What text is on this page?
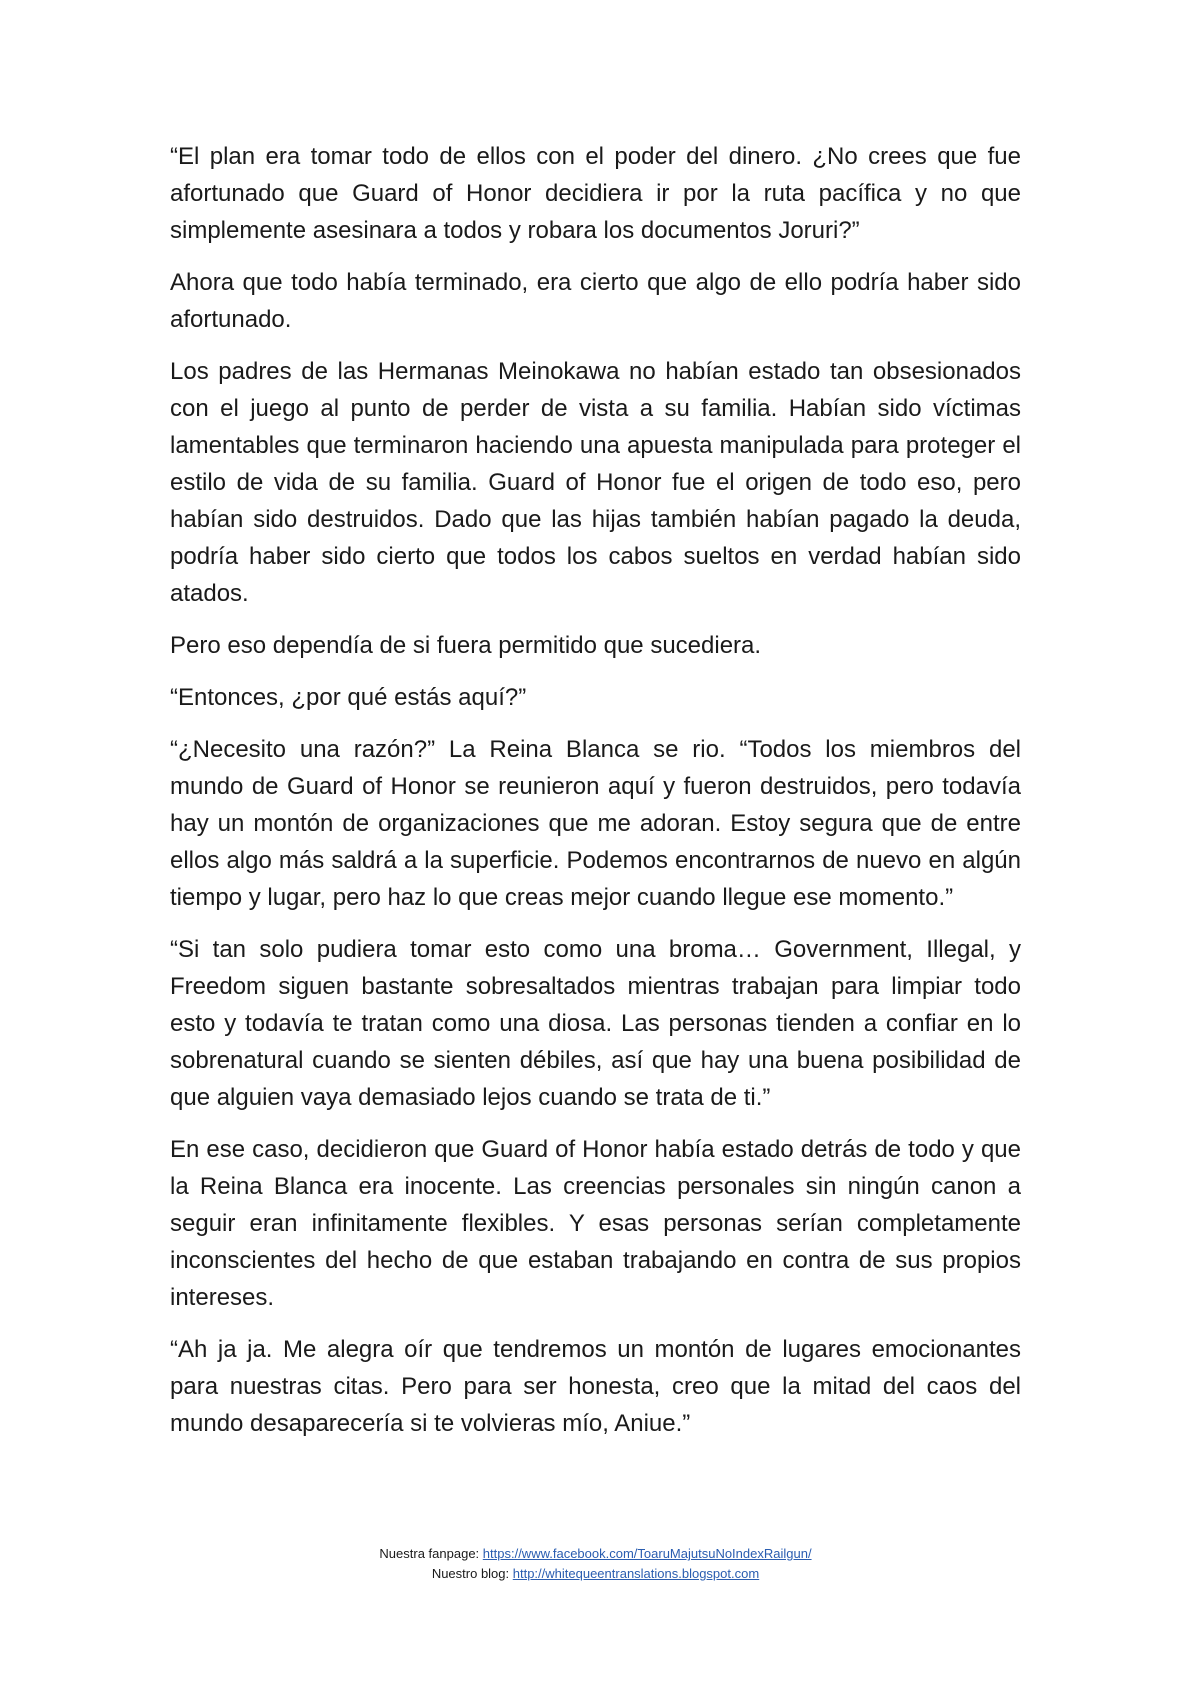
“El plan era tomar todo de ellos con el poder del dinero. ¿No crees que fue afortunado que Guard of Honor decidiera ir por la ruta pacífica y no que simplemente asesinara a todos y robara los documentos Joruri?”

Ahora que todo había terminado, era cierto que algo de ello podría haber sido afortunado.

Los padres de las Hermanas Meinokawa no habían estado tan obsesionados con el juego al punto de perder de vista a su familia. Habían sido víctimas lamentables que terminaron haciendo una apuesta manipulada para proteger el estilo de vida de su familia. Guard of Honor fue el origen de todo eso, pero habían sido destruidos. Dado que las hijas también habían pagado la deuda, podría haber sido cierto que todos los cabos sueltos en verdad habían sido atados.

Pero eso dependía de si fuera permitido que sucediera.

“Entonces, ¿por qué estás aquí?”

“¿Necesito una razón?” La Reina Blanca se rio. “Todos los miembros del mundo de Guard of Honor se reunieron aquí y fueron destruidos, pero todavía hay un montón de organizaciones que me adoran. Estoy segura que de entre ellos algo más saldrá a la superficie. Podemos encontrarnos de nuevo en algún tiempo y lugar, pero haz lo que creas mejor cuando llegue ese momento.”

“Si tan solo pudiera tomar esto como una broma… Government, Illegal, y Freedom siguen bastante sobresaltados mientras trabajan para limpiar todo esto y todavía te tratan como una diosa. Las personas tienden a confiar en lo sobrenatural cuando se sienten débiles, así que hay una buena posibilidad de que alguien vaya demasiado lejos cuando se trata de ti.”

En ese caso, decidieron que Guard of Honor había estado detrás de todo y que la Reina Blanca era inocente. Las creencias personales sin ningún canon a seguir eran infinitamente flexibles. Y esas personas serían completamente inconscientes del hecho de que estaban trabajando en contra de sus propios intereses.

“Ah ja ja. Me alegra oír que tendremos un montón de lugares emocionantes para nuestras citas. Pero para ser honesta, creo que la mitad del caos del mundo desaparecería si te volvieras mío, Aniue.”

Nuestra fanpage: https://www.facebook.com/ToaruMajutsuNoIndexRailgun/
Nuestro blog: http://whitequeentranslations.blogspot.com
